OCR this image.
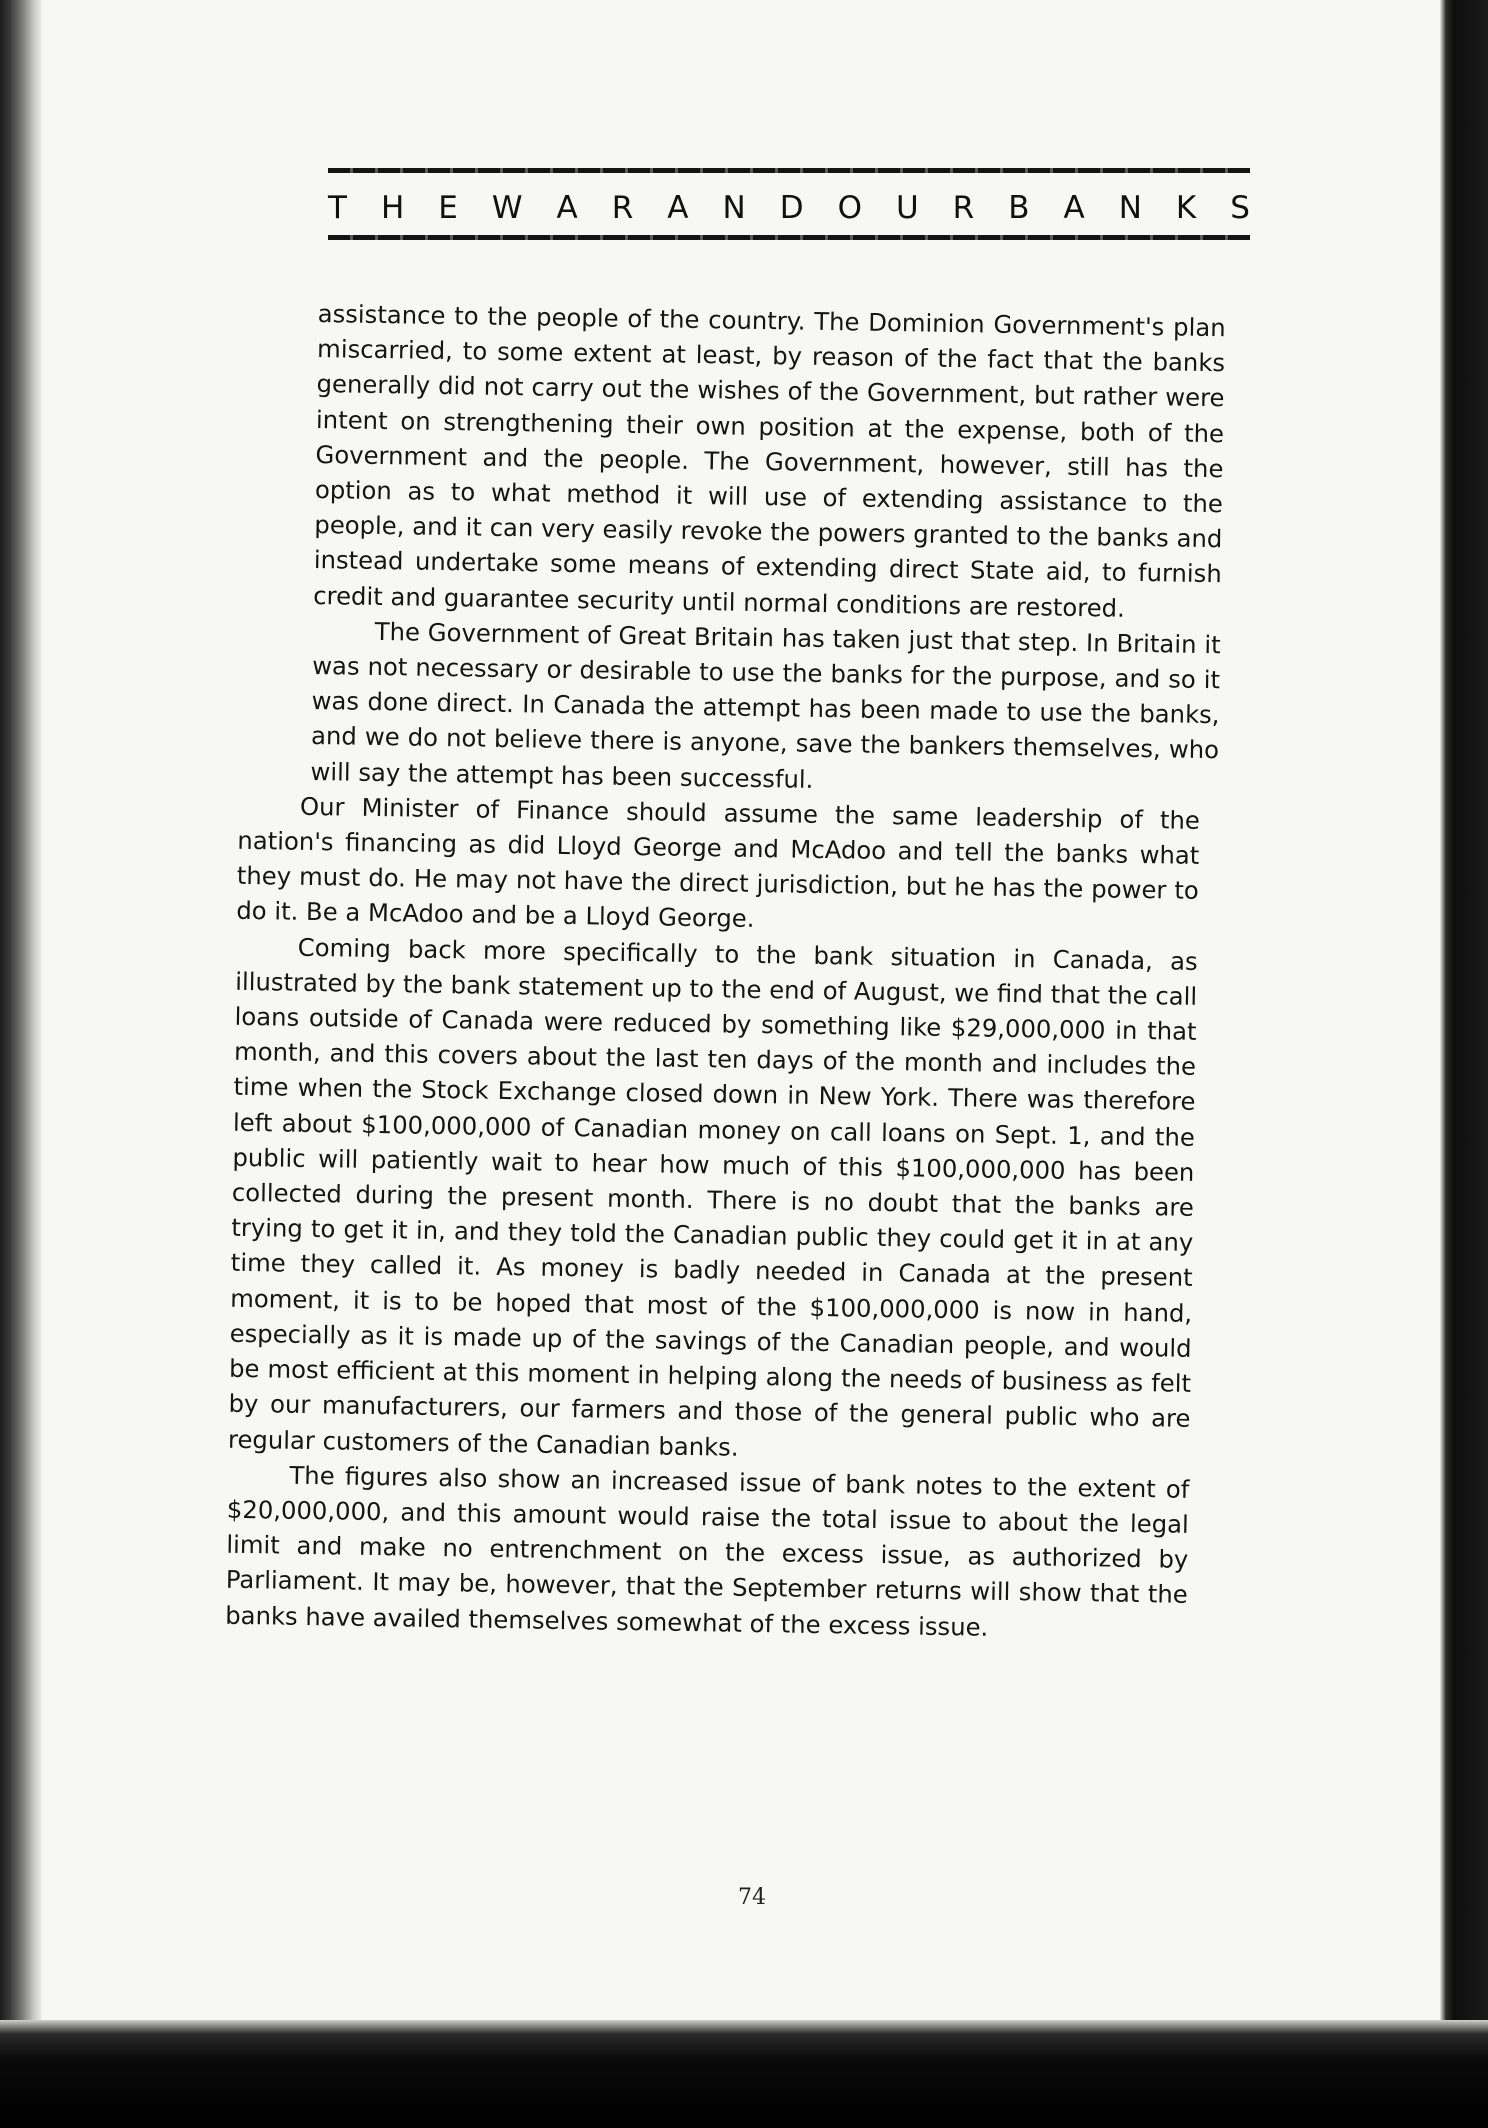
T H E W A R A N D O U R B A N K S

assistance to the people of the country. The Dominion Government's plan miscarried, to some extent at least, by reason of the fact that the banks generally did not carry out the wishes of the Government, but rather were intent on strengthening their own position at the expense, both of the Government and the people. The Government, however, still has the option as to what method it will use of extending assistance to the people, and it can very easily revoke the powers granted to the banks and instead undertake some means of extending direct State aid, to furnish credit and guarantee security until normal conditions are restored.

The Government of Great Britain has taken just that step. In Britain it was not necessary or desirable to use the banks for the purpose, and so it was done direct. In Canada the attempt has been made to use the banks, and we do not believe there is anyone, save the bankers themselves, who will say the attempt has been successful.

Our Minister of Finance should assume the same leadership of the nation's financing as did Lloyd George and McAdoo and tell the banks what they must do. He may not have the direct jurisdiction, but he has the power to do it. Be a McAdoo and be a Lloyd George.

Coming back more specifically to the bank situation in Canada, as illustrated by the bank statement up to the end of August, we find that the call loans outside of Canada were reduced by something like $29,000,000 in that month, and this covers about the last ten days of the month and includes the time when the Stock Exchange closed down in New York. There was therefore left about $100,000,000 of Canadian money on call loans on Sept. 1, and the public will patiently wait to hear how much of this $100,000,000 has been collected during the present month. There is no doubt that the banks are trying to get it in, and they told the Canadian public they could get it in at any time they called it. As money is badly needed in Canada at the present moment, it is to be hoped that most of the $100,000,000 is now in hand, especially as it is made up of the savings of the Canadian people, and would be most efficient at this moment in helping along the needs of business as felt by our manufacturers, our farmers and those of the general public who are regular customers of the Canadian banks.

The figures also show an increased issue of bank notes to the extent of $20,000,000, and this amount would raise the total issue to about the legal limit and make no entrenchment on the excess issue, as authorized by Parliament. It may be, however, that the September returns will show that the banks have availed themselves somewhat of the excess issue.

74
